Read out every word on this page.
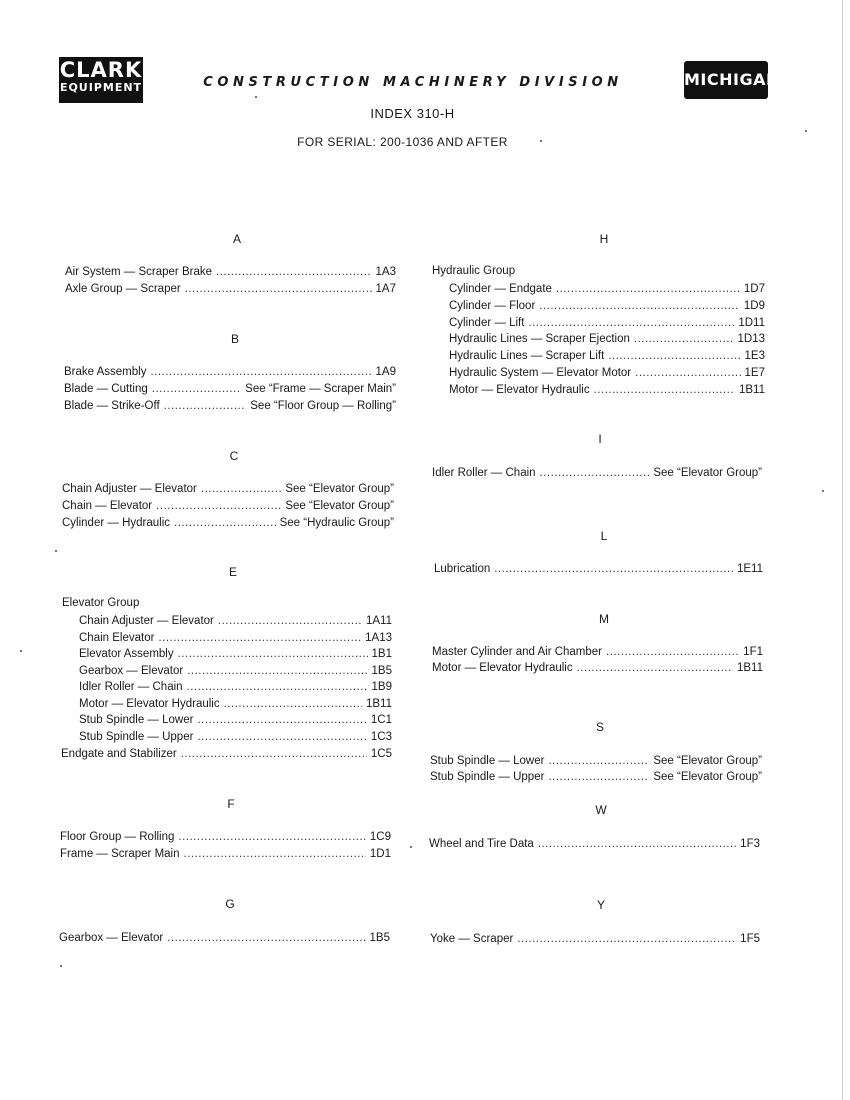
CLARK
EQUIPMENT	CONSTRUCTION MACHINERY DIVISION	MICHIGAN
INDEX 310-H
FOR SERIAL: 200-1036 AND AFTER
A
Air System — Scraper Brake .....	1A3
Axle Group — Scraper .....	1A7
B
Brake Assembly .....	1A9
Blade — Cutting .....	See “Frame — Scraper Main”
Blade — Strike-Off .....	See “Floor Group — Rolling”
C
Chain Adjuster — Elevator .....	See “Elevator Group”
Chain — Elevator .....	See “Elevator Group”
Cylinder — Hydraulic .....	See “Hydraulic Group”
E
Elevator Group
Chain Adjuster — Elevator .....	1A11
Chain Elevator .....	1A13
Elevator Assembly .....	1B1
Gearbox — Elevator .....	1B5
Idler Roller — Chain .....	1B9
Motor — Elevator Hydraulic .....	1B11
Stub Spindle — Lower .....	1C1
Stub Spindle — Upper .....	1C3
Endgate and Stabilizer .....	1C5
F
Floor Group — Rolling .....	1C9
Frame — Scraper Main .....	1D1
G
Gearbox — Elevator .....	1B5
H
Hydraulic Group
Cylinder — Endgate .....	1D7
Cylinder — Floor .....	1D9
Cylinder — Lift .....	1D11
Hydraulic Lines — Scraper Ejection .....	1D13
Hydraulic Lines — Scraper Lift .....	1E3
Hydraulic System — Elevator Motor .....	1E7
Motor — Elevator Hydraulic .....	1B11
I
Idler Roller — Chain .....	See “Elevator Group”
L
Lubrication .....	1E11
M
Master Cylinder and Air Chamber .....	1F1
Motor — Elevator Hydraulic .....	1B11
S
Stub Spindle — Lower .....	See “Elevator Group”
Stub Spindle — Upper .....	See “Elevator Group”
W
Wheel and Tire Data .....	1F3
Y
Yoke — Scraper .....	1F5
